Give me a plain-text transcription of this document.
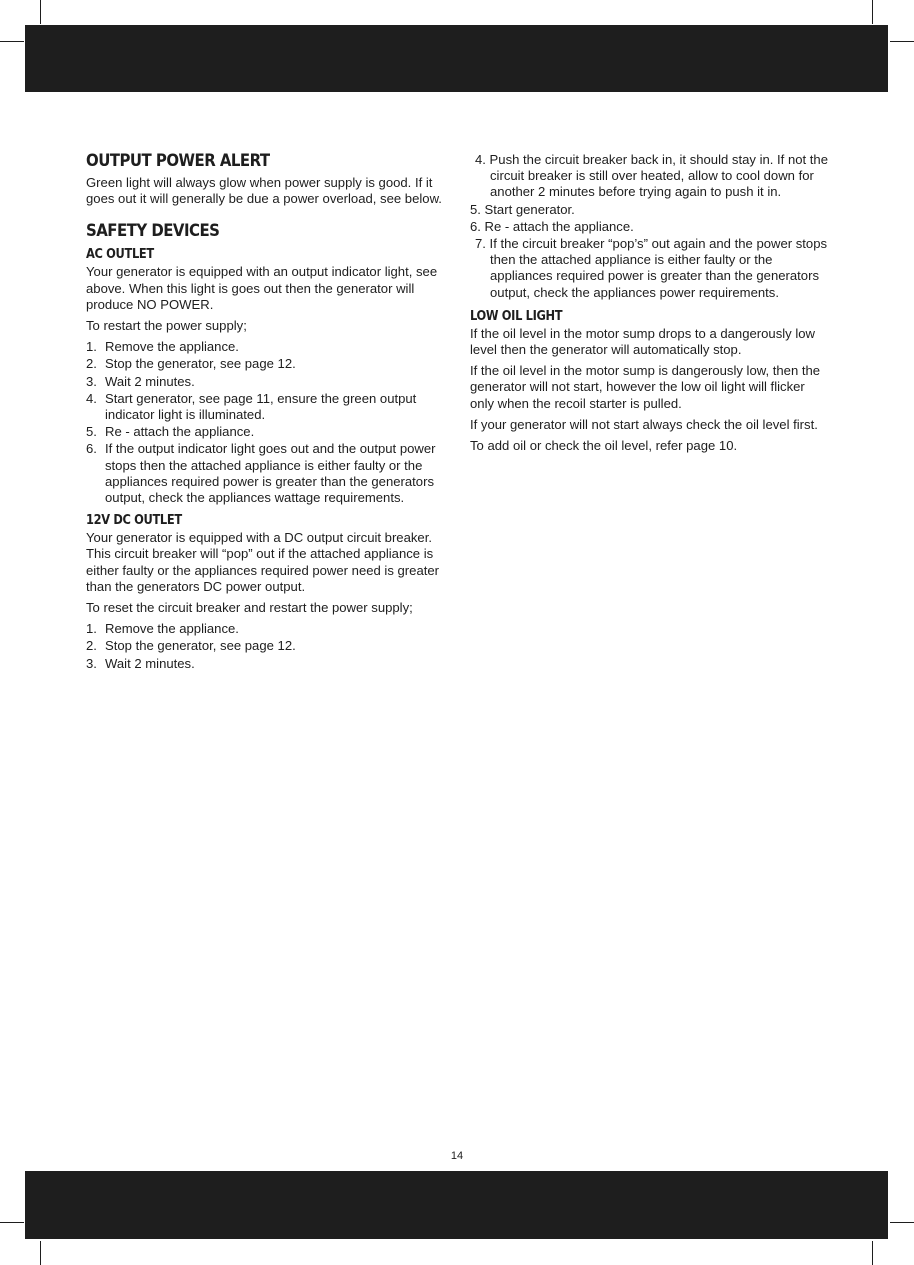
OUTPUT POWER ALERT

Green light will always glow when power supply is good. If it goes out it will generally be due a power overload, see below.

SAFETY DEVICES
AC OUTLET

Your generator is equipped with an output indicator light, see above. When this light is goes out then the generator will produce NO POWER.

To restart the power supply;

1. Remove the appliance.
2. Stop the generator, see page 12.
3. Wait 2 minutes.
4. Start generator, see page 11, ensure the green output indicator light is illuminated.
5. Re - attach the appliance.
6. If the output indicator light goes out and the output power stops then the attached appliance is either faulty or the appliances required power is greater than the generators output, check the appliances wattage requirements.
12V DC OUTLET

Your generator is equipped with a DC output circuit breaker. This circuit breaker will “pop” out if the attached appliance is either faulty or the appliances required power need is greater than the generators DC power output.

To reset the circuit breaker and restart the power supply;

1. Remove the appliance.
2. Stop the generator, see page 12.
3. Wait 2 minutes.
4. Push the circuit breaker back in, it should stay in. If not the circuit breaker is still over heated, allow to cool down for another 2 minutes before trying again to push it in.
5. Start generator.
6. Re - attach the appliance.
7. If the circuit breaker “pop’s” out again and the power stops then the attached appliance is either faulty or the appliances required power is greater than the generators output, check the appliances power requirements.
LOW OIL LIGHT

If the oil level in the motor sump drops to a dangerously low level then the generator will automatically stop.

If the oil level in the motor sump is dangerously low, then the generator will not start, however the low oil light will flicker only when the recoil starter is pulled.

If your generator will not start always check the oil level first.

To add oil or check the oil level, refer page 10.

14
